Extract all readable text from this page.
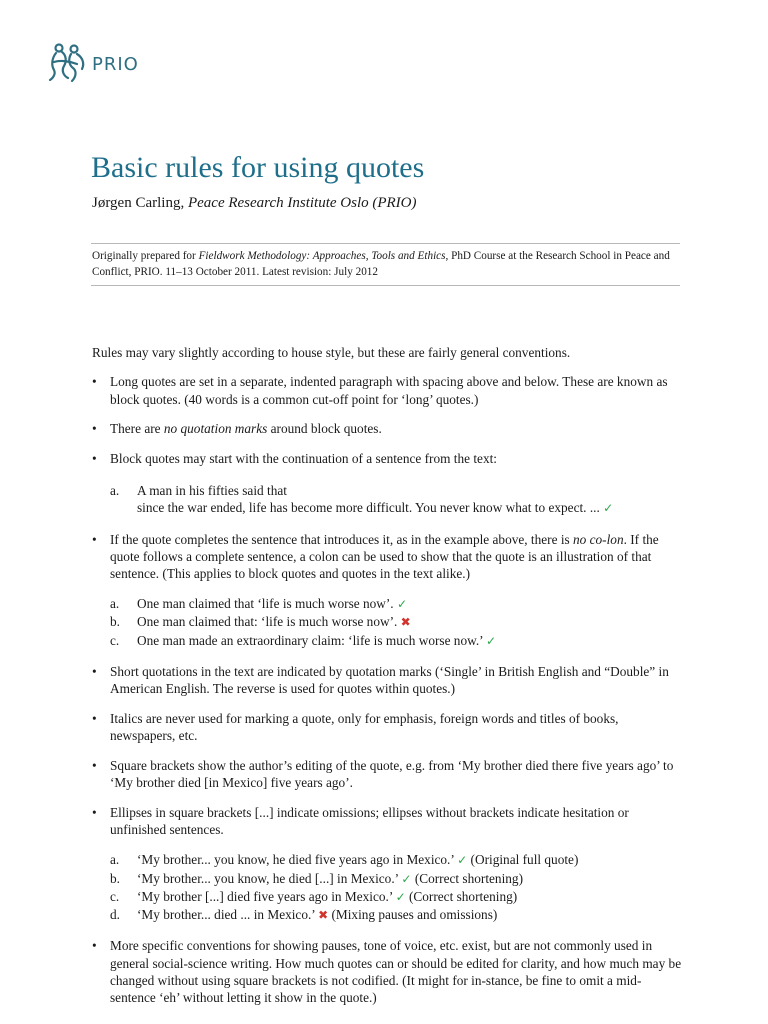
PRIO
Basic rules for using quotes
Jørgen Carling, Peace Research Institute Oslo (PRIO)
Originally prepared for Fieldwork Methodology: Approaches, Tools and Ethics, PhD Course at the Research School in Peace and Conflict, PRIO. 11–13 October 2011. Latest revision: July 2012

Rules may vary slightly according to house style, but these are fairly general conventions.

• Long quotes are set in a separate, indented paragraph with spacing above and below. These are known as block quotes. (40 words is a common cut-off point for ‘long’ quotes.)
• There are no quotation marks around block quotes.
• Block quotes may start with the continuation of a sentence from the text:
a. A man in his fifties said that
since the war ended, life has become more difficult. You never know what to expect. ... ✓
• If the quote completes the sentence that introduces it, as in the example above, there is no co-lon. If the quote follows a complete sentence, a colon can be used to show that the quote is an illustration of that sentence. (This applies to block quotes and quotes in the text alike.)
a. One man claimed that ‘life is much worse now’. ✓
b. One man claimed that: ‘life is much worse now’. ✖
c. One man made an extraordinary claim: ‘life is much worse now.’ ✓
• Short quotations in the text are indicated by quotation marks (‘Single’ in British English and “Double” in American English. The reverse is used for quotes within quotes.)
• Italics are never used for marking a quote, only for emphasis, foreign words and titles of books, newspapers, etc.
• Square brackets show the author’s editing of the quote, e.g. from ‘My brother died there five years ago’ to ‘My brother died [in Mexico] five years ago’.
• Ellipses in square brackets [...] indicate omissions; ellipses without brackets indicate hesitation or unfinished sentences.
a. ‘My brother... you know, he died five years ago in Mexico.’ ✓ (Original full quote)
b. ‘My brother... you know, he died [...] in Mexico.’ ✓ (Correct shortening)
c. ‘My brother [...] died five years ago in Mexico.’ ✓ (Correct shortening)
d. ‘My brother... died ... in Mexico.’ ✖ (Mixing pauses and omissions)
• More specific conventions for showing pauses, tone of voice, etc. exist, but are not commonly used in general social-science writing. How much quotes can or should be edited for clarity, and how much may be changed without using square brackets is not codified. (It might for in-stance, be fine to omit a mid-sentence ‘eh’ without letting it show in the quote.)
